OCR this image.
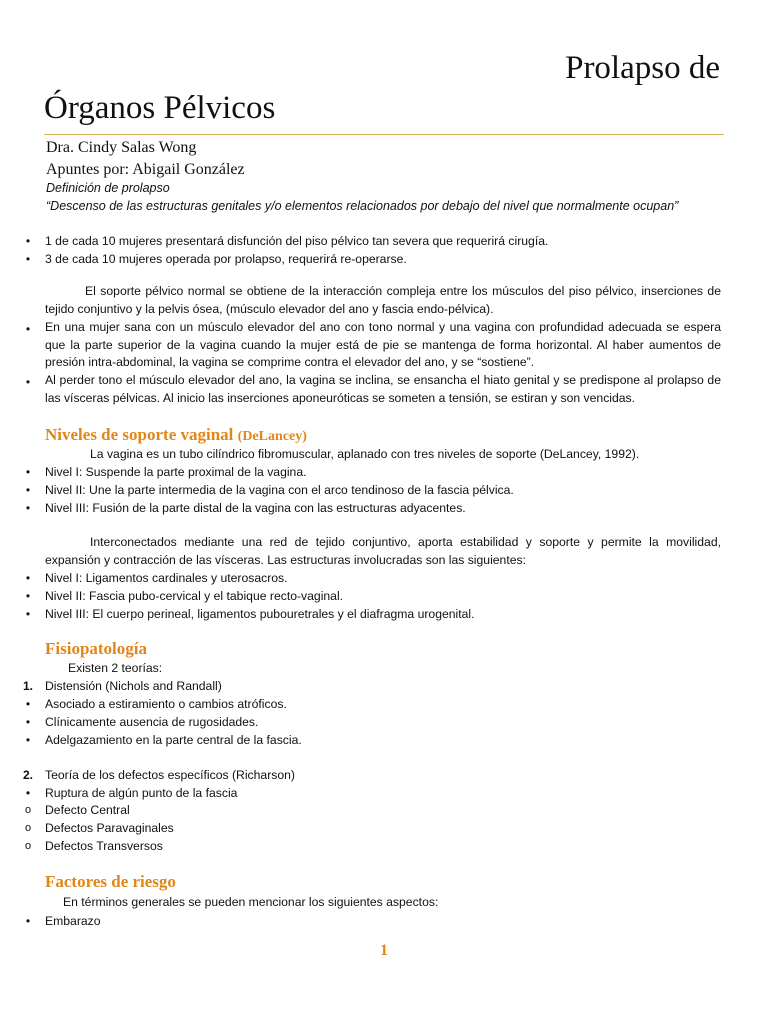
Prolapso de
Órganos Pélvicos
Dra. Cindy Salas Wong
Apuntes por: Abigail González
Definición de prolapso
“Descenso de las estructuras genitales y/o elementos relacionados por debajo del nivel que normalmente ocupan”
•	1 de cada 10 mujeres presentará disfunción del piso pélvico tan severa que requerirá cirugía.
•	3 de cada 10 mujeres operada por prolapso, requerirá re-operarse.
El soporte pélvico normal se obtiene de la interacción compleja entre los músculos del piso pélvico, inserciones de tejido conjuntivo y la pelvis ósea, (músculo elevador del ano y fascia endo-pélvica).
•	En una mujer sana con un músculo elevador del ano con tono normal y una vagina con profundidad adecuada se espera que la parte superior de la vagina cuando la mujer está de pie se mantenga de forma horizontal. Al haber aumentos de presión intra-abdominal, la vagina se comprime contra el elevador del ano, y se “sostiene”.
•	Al perder tono el músculo elevador del ano, la vagina se inclina, se ensancha el hiato genital y se predispone al prolapso de las vísceras pélvicas. Al inicio las inserciones aponeuróticas se someten a tensión, se estiran y son vencidas.
Niveles de soporte vaginal (DeLancey)
La vagina es un tubo cilíndrico fibromuscular, aplanado con tres niveles de soporte (DeLancey, 1992).
•	Nivel I: Suspende la parte proximal de la vagina.
•	Nivel II: Une la parte intermedia de la vagina con el arco tendinoso de la fascia pélvica.
•	Nivel III: Fusión de la parte distal de la vagina con las estructuras adyacentes.
Interconectados mediante una red de tejido conjuntivo, aporta estabilidad y soporte y permite la movilidad, expansión y contracción de las vísceras. Las estructuras involucradas son las siguientes:
•	Nivel I: Ligamentos cardinales y uterosacros.
•	Nivel II: Fascia pubo-cervical y el tabique recto-vaginal.
•	Nivel III: El cuerpo perineal, ligamentos pubouretrales y el diafragma urogenital.
Fisiopatología
Existen 2 teorías:
1. Distensión (Nichols and Randall)
•	Asociado a estiramiento o cambios atróficos.
•	Clínicamente ausencia de rugosidades.
•	Adelgazamiento en la parte central de la fascia.
2. Teoría de los defectos específicos (Richarson)
•	Ruptura de algún punto de la fascia
o	Defecto Central
o	Defectos Paravaginales
o	Defectos Transversos
Factores de riesgo
En términos generales se pueden mencionar los siguientes aspectos:
•	Embarazo
1
